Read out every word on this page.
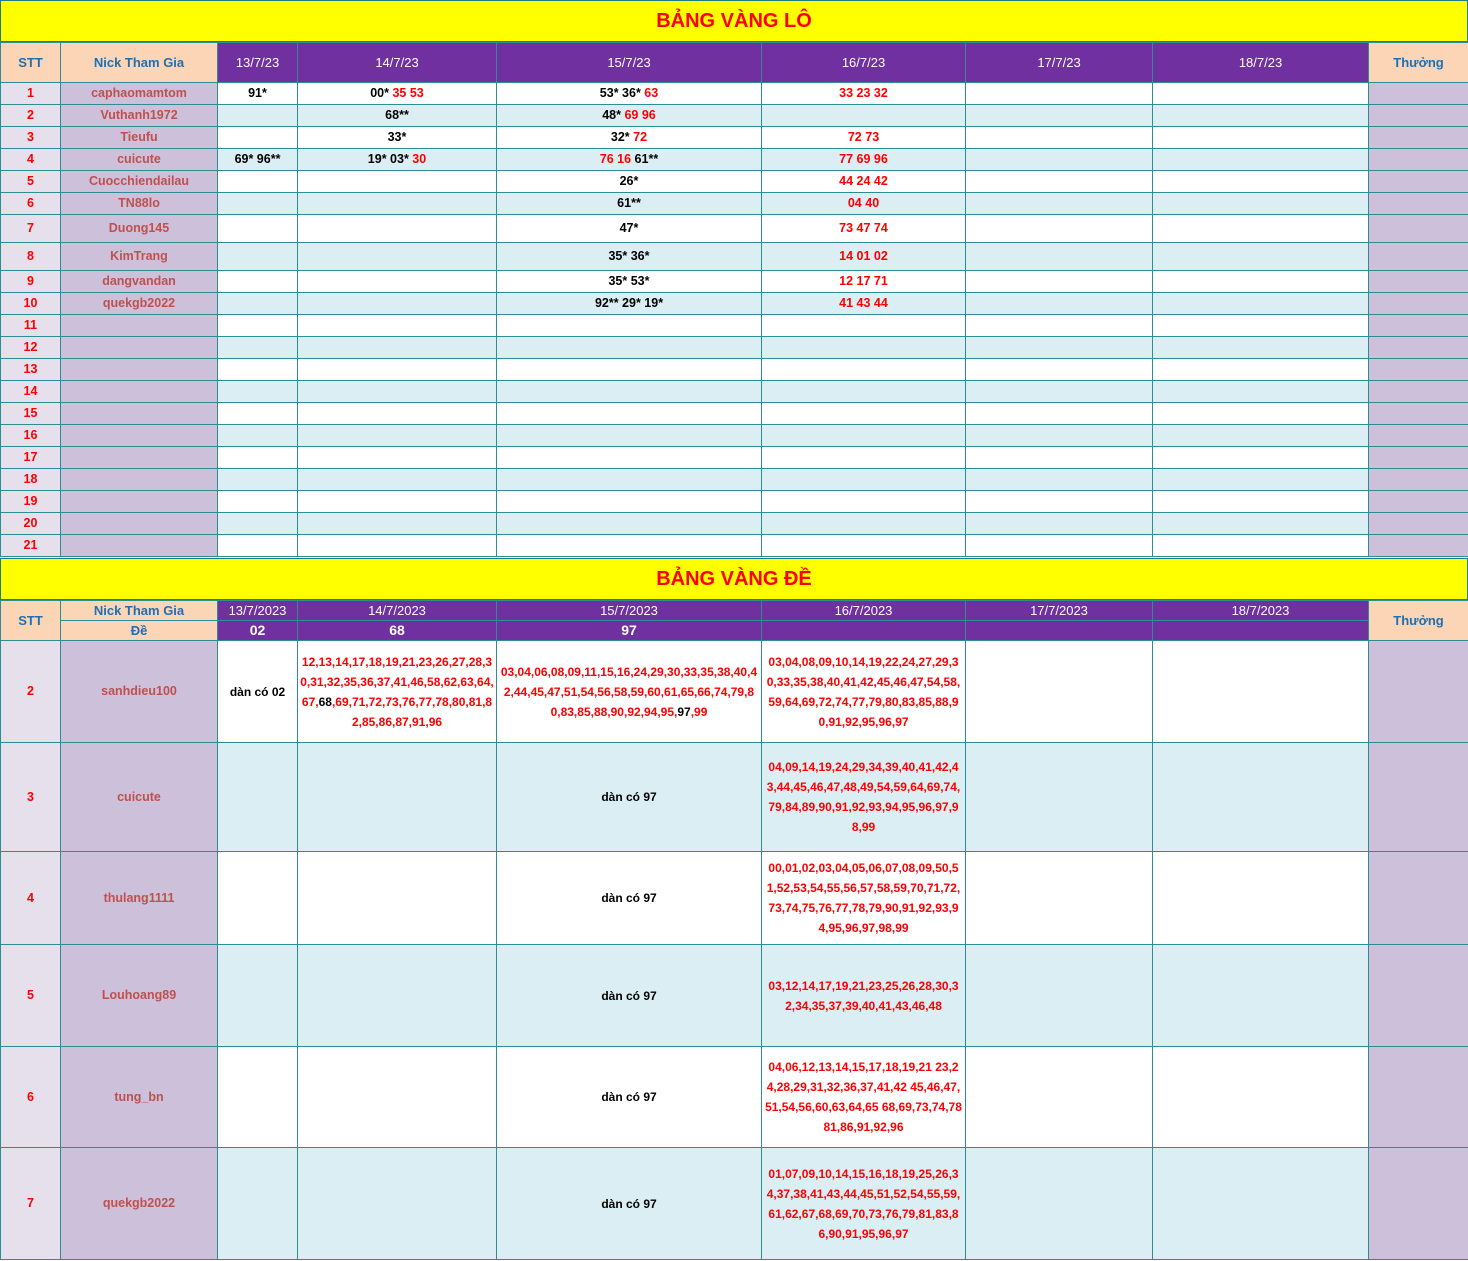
BẢNG VÀNG LÔ
STT	Nick Tham Gia	13/7/23	14/7/23	15/7/23	16/7/23	17/7/23	18/7/23	Thưởng
1	caphaomamtom	91*	00* 35 53	53* 36* 63	33 23 32			
2	Vuthanh1972		68**	48* 69 96				
3	Tieufu		33*	32* 72	72 73			
4	cuicute	69* 96**	19* 03* 30	76 16 61**	77 69 96			
5	Cuocchiendailau			26*	44 24 42			
6	TN88lo			61**	04 40			
7	Duong145			47*	73 47 74			
8	KimTrang			35* 36*	14 01 02			
9	dangvandan			35* 53*	12 17 71			
10	quekgb2022			92** 29* 19*	41 43 44			
11								
12								
13								
14								
15								
16								
17								
18								
19								
20								
21								
BẢNG VÀNG ĐỀ
STT	Nick Tham Gia	13/7/2023	14/7/2023	15/7/2023	16/7/2023	17/7/2023	18/7/2023	Thưởng
	Đề	02	68	97				
2	sanhdieu100	dàn có 02	12,13,14,17,18,19,21,23,26,27,28,30,31,32,35,36,37,41,46,58,62,63,64,67,68,69,71,72,73,76,77,78,80,81,82,85,86,87,91,96	03,04,06,08,09,11,15,16,24,29,30,33,35,38,40,42,44,45,47,51,54,56,58,59,60,61,65,66,74,79,80,83,85,88,90,92,94,95,97,99	03,04,08,09,10,14,19,22,24,27,29,30,33,35,38,40,41,42,45,46,47,54,58,59,64,69,72,74,77,79,80,83,85,88,90,91,92,95,96,97			
3	cuicute			dàn có 97	04,09,14,19,24,29,34,39,40,41,42,43,44,45,46,47,48,49,54,59,64,69,74,79,84,89,90,91,92,93,94,95,96,97,98,99			
4	thulang1111			dàn có 97	00,01,02,03,04,05,06,07,08,09,50,51,52,53,54,55,56,57,58,59,70,71,72,73,74,75,76,77,78,79,90,91,92,93,94,95,96,97,98,99			
5	Louhoang89			dàn có 97	03,12,14,17,19,21,23,25,26,28,30,32,34,35,37,39,40,41,43,46,48			
6	tung_bn			dàn có 97	04,06,12,13,14,15,17,18,19,21 23,24,28,29,31,32,36,37,41,42 45,46,47,51,54,56,60,63,64,65 68,69,73,74,78 81,86,91,92,96			
7	quekgb2022			dàn có 97	01,07,09,10,14,15,16,18,19,25,26,34,37,38,41,43,44,45,51,52,54,55,59,61,62,67,68,69,70,73,76,79,81,83,86,90,91,95,96,97			
